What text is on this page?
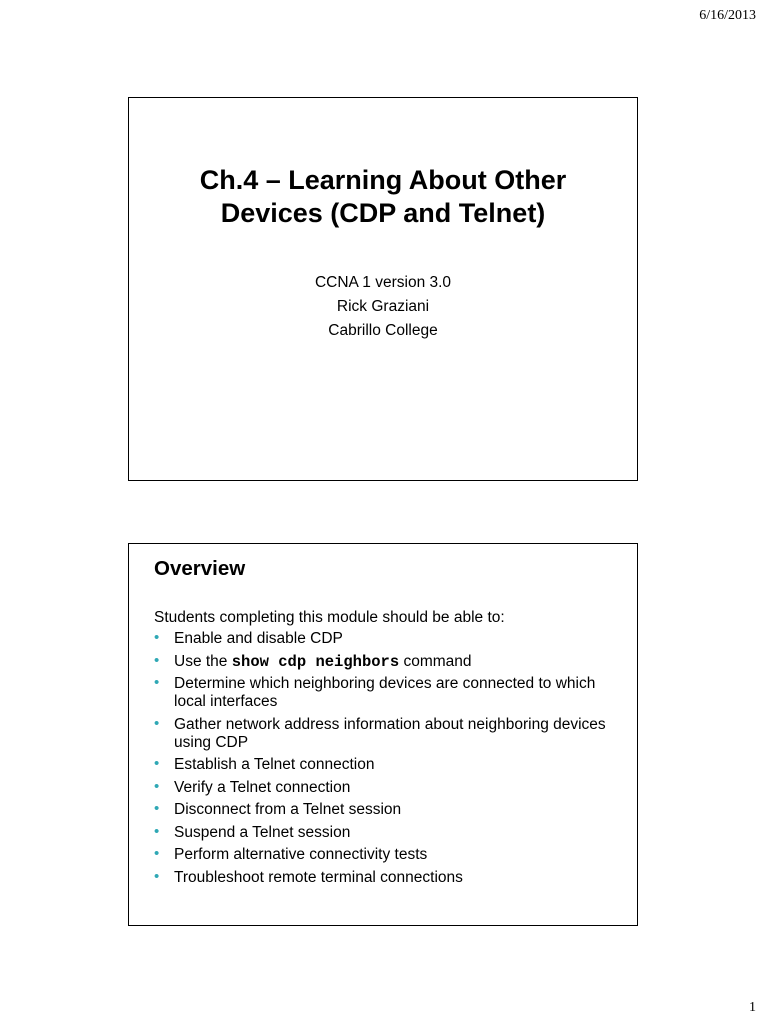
6/16/2013
Ch.4 – Learning About Other
Devices (CDP and Telnet)
CCNA 1 version 3.0
Rick Graziani
Cabrillo College
Overview
Students completing this module should be able to:
• Enable and disable CDP
• Use the show cdp neighbors command
• Determine which neighboring devices are connected to which local interfaces
• Gather network address information about neighboring devices using CDP
• Establish a Telnet connection
• Verify a Telnet connection
• Disconnect from a Telnet session
• Suspend a Telnet session
• Perform alternative connectivity tests
• Troubleshoot remote terminal connections
1
